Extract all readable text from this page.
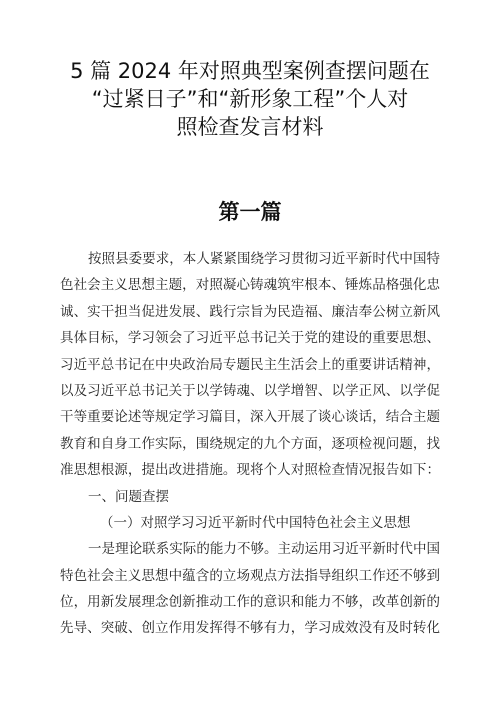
5 篇 2024 年对照典型案例查摆问题在
“过紧日子”和“新形象工程”个人对
照检查发言材料
第一篇
按照县委要求，本人紧紧围绕学习贯彻习近平新时代中国特
色社会主义思想主题，对照凝心铸魂筑牢根本、锤炼品格强化忠
诚、实干担当促进发展、践行宗旨为民造福、廉洁奉公树立新风
具体目标，学习领会了习近平总书记关于党的建设的重要思想、
习近平总书记在中央政治局专题民主生活会上的重要讲话精神，
以及习近平总书记关于以学铸魂、以学增智、以学正风、以学促
干等重要论述等规定学习篇目，深入开展了谈心谈话，结合主题
教育和自身工作实际，围绕规定的九个方面，逐项检视问题，找
准思想根源，提出改进措施。现将个人对照检查情况报告如下：
一、问题查摆
（一）对照学习习近平新时代中国特色社会主义思想
一是理论联系实际的能力不够。主动运用习近平新时代中国
特色社会主义思想中蕴含的立场观点方法指导组织工作还不够到
位，用新发展理念创新推动工作的意识和能力不够，改革创新的
先导、突破、创立作用发挥得不够有力，学习成效没有及时转化
